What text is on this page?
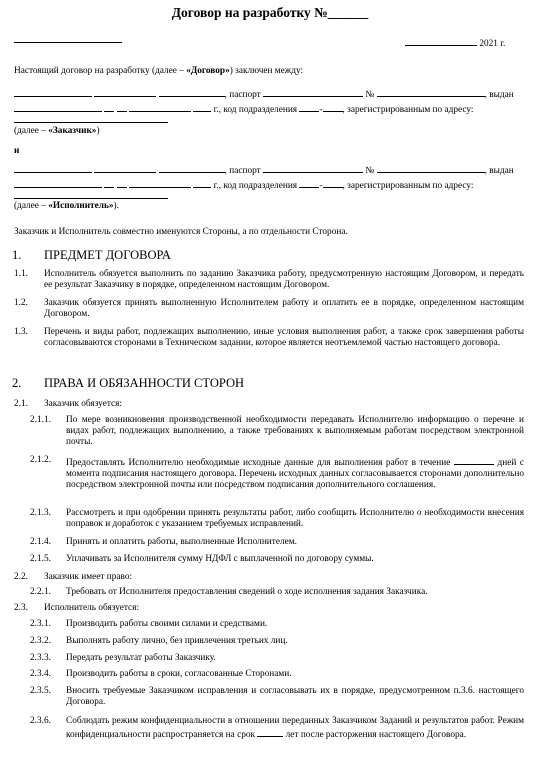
Договор на разработку №______
2021 г.
Настоящий договор на разработку (далее – «Договор») заключен между:
, паспорт	№	, выдан
г., код подразделения - , зарегистрированным по адресу:
(далее – «Заказчик»)
и
, паспорт	№	, выдан
г., код подразделения - , зарегистрированным по адресу:
(далее – «Исполнитель»).
Заказчик и Исполнитель совместно именуются Стороны, а по отдельности Сторона.
1.	ПРЕДМЕТ ДОГОВОРА
1.1. Исполнитель обязуется выполнить по заданию Заказчика работу, предусмотренную настоящим Договором, и передать ее результат Заказчику в порядке, определенном настоящим Договором.
1.2. Заказчик обязуется принять выполненную Исполнителем работу и оплатить ее в порядке, определенном настоящим Договором.
1.3. Перечень и виды работ, подлежащих выполнению, иные условия выполнения работ, а также срок завершения работы согласовываются сторонами в Техническом задании, которое является неотъемлемой частью настоящего договора.
2.	ПРАВА И ОБЯЗАННОСТИ СТОРОН
2.1. Заказчик обязуется:
2.1.1. По мере возникновения производственной необходимости передавать Исполнителю информацию о перечне и видах работ, подлежащих выполнению, а также требованиях к выполняемым работам посредством электронной почты.
2.1.2. Предоставлять Исполнителю необходимые исходные данные для выполнения работ в течение	дней с момента подписания настоящего договора. Перечень исходных данных согласовывается сторонами дополнительно посредством электронной почты или посредством подписания дополнительного соглашения.
2.1.3. Рассмотреть и при одобрении принять результаты работ, либо сообщить Исполнителю о необходимости внесения поправок и доработок с указанием требуемых исправлений.
2.1.4. Принять и оплатить работы, выполненные Исполнителем.
2.1.5. Уплачивать за Исполнителя сумму НДФЛ с выплаченной по договору суммы.
2.2. Заказчик имеет право:
2.2.1. Требовать от Исполнителя предоставления сведений о ходе исполнения задания Заказчика.
2.3. Исполнитель обязуется:
2.3.1. Производить работы своими силами и средствами.
2.3.2. Выполнять работу лично, без привлечения третьих лиц.
2.3.3. Передать результат работы Заказчику.
2.3.4. Производить работы в сроки, согласованные Сторонами.
2.3.5. Вносить требуемые Заказчиком исправления и согласовывать их в порядке, предусмотренном п.3.6. настоящего Договора.
2.3.6. Соблюдать режим конфиденциальности в отношении переданных Заказчиком Заданий и результатов работ. Режим конфиденциальности распространяется на срок	лет после расторжения настоящего Договора.
